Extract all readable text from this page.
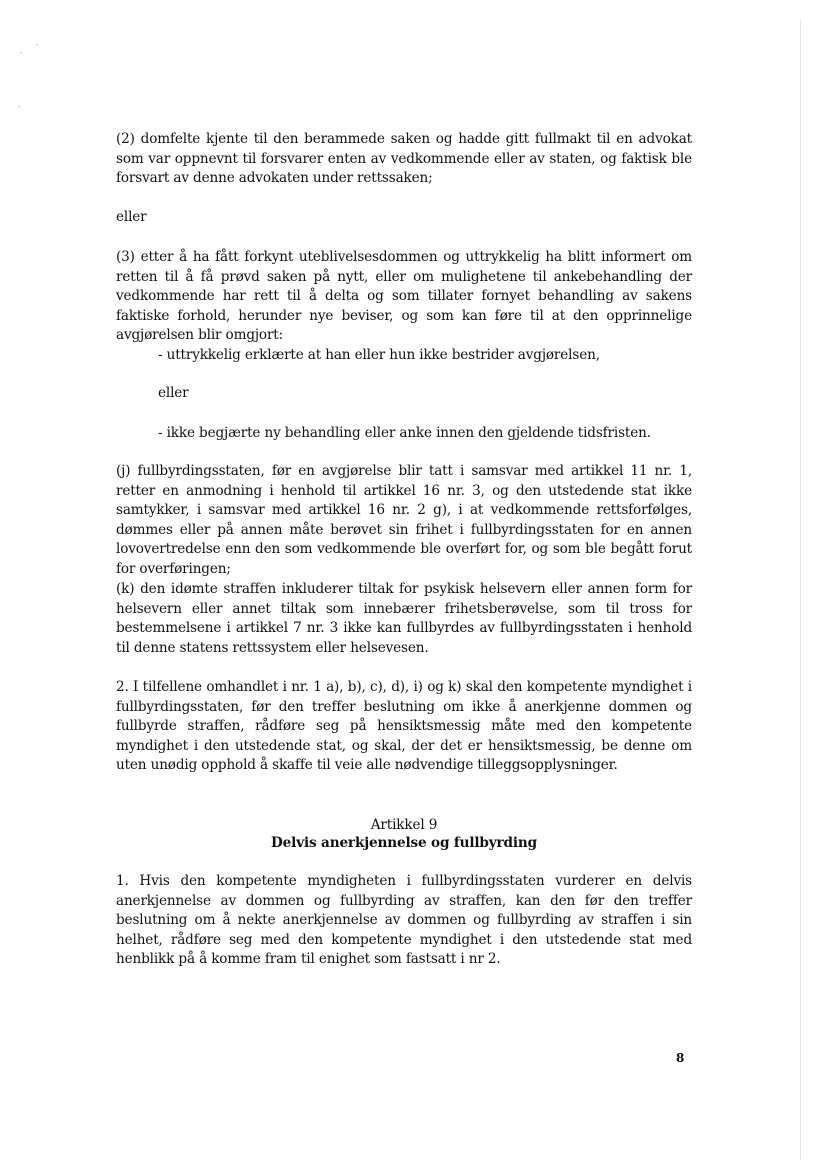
(2) domfelte kjente til den berammede saken og hadde gitt fullmakt til en advokat som var oppnevnt til forsvarer enten av vedkommende eller av staten, og faktisk ble forsvart av denne advokaten under rettssaken;

eller

(3) etter å ha fått forkynt uteblivelsesdommen og uttrykkelig ha blitt informert om retten til å få prøvd saken på nytt, eller om mulighetene til ankebehandling der vedkommende har rett til å delta og som tillater fornyet behandling av sakens faktiske forhold, herunder nye beviser, og som kan føre til at den opprinnelige avgjørelsen blir omgjort:

- uttrykkelig erklærte at han eller hun ikke bestrider avgjørelsen,

eller

- ikke begjærte ny behandling eller anke innen den gjeldende tidsfristen.

(j) fullbyrdingsstaten, før en avgjørelse blir tatt i samsvar med artikkel 11 nr. 1, retter en anmodning i henhold til artikkel 16 nr. 3, og den utstedende stat ikke samtykker, i samsvar med artikkel 16 nr. 2 g), i at vedkommende rettsforfølges, dømmes eller på annen måte berøvet sin frihet i fullbyrdingsstaten for en annen lovovertredelse enn den som vedkommende ble overført for, og som ble begått forut for overføringen;

(k) den idømte straffen inkluderer tiltak for psykisk helsevern eller annen form for helsevern eller annet tiltak som innebærer frihetsberøvelse, som til tross for bestemmelsene i artikkel 7 nr. 3 ikke kan fullbyrdes av fullbyrdingsstaten i henhold til denne statens rettssystem eller helsevesen.

2. I tilfellene omhandlet i nr. 1 a), b), c), d), i) og k) skal den kompetente myndighet i fullbyrdingsstaten, før den treffer beslutning om ikke å anerkjenne dommen og fullbyrde straffen, rådføre seg på hensiktsmessig måte med den kompetente myndighet i den utstedende stat, og skal, der det er hensiktsmessig, be denne om uten unødig opphold å skaffe til veie alle nødvendige tilleggsopplysninger.

Artikkel 9

Delvis anerkjennelse og fullbyrding

1. Hvis den kompetente myndigheten i fullbyrdingsstaten vurderer en delvis anerkjennelse av dommen og fullbyrding av straffen, kan den før den treffer beslutning om å nekte anerkjennelse av dommen og fullbyrding av straffen i sin helhet, rådføre seg med den kompetente myndighet i den utstedende stat med henblikk på å komme fram til enighet som fastsatt i nr 2.

8
